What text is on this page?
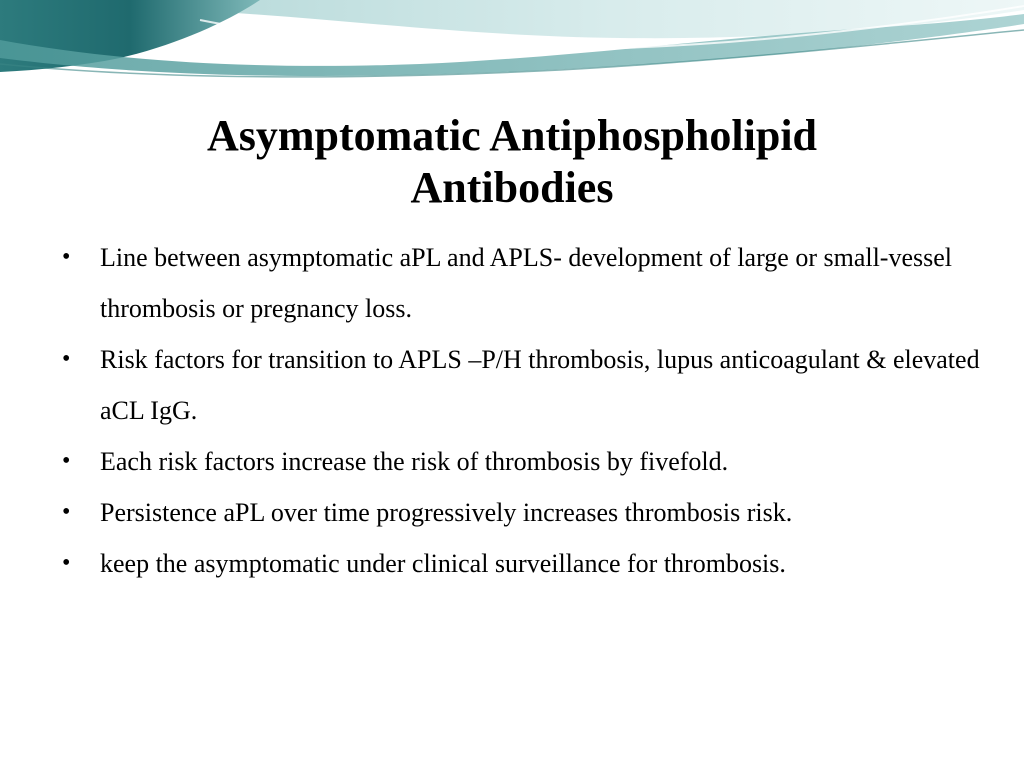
Asymptomatic Antiphospholipid
Antibodies
• Line between asymptomatic aPL and APLS- development of large or small-vessel thrombosis or pregnancy loss.
• Risk factors for transition to APLS –P/H thrombosis, lupus anticoagulant & elevated aCL IgG.
• Each risk factors increase the risk of thrombosis by fivefold.
• Persistence aPL over time progressively increases thrombosis risk.
• keep the asymptomatic under clinical surveillance for thrombosis.
